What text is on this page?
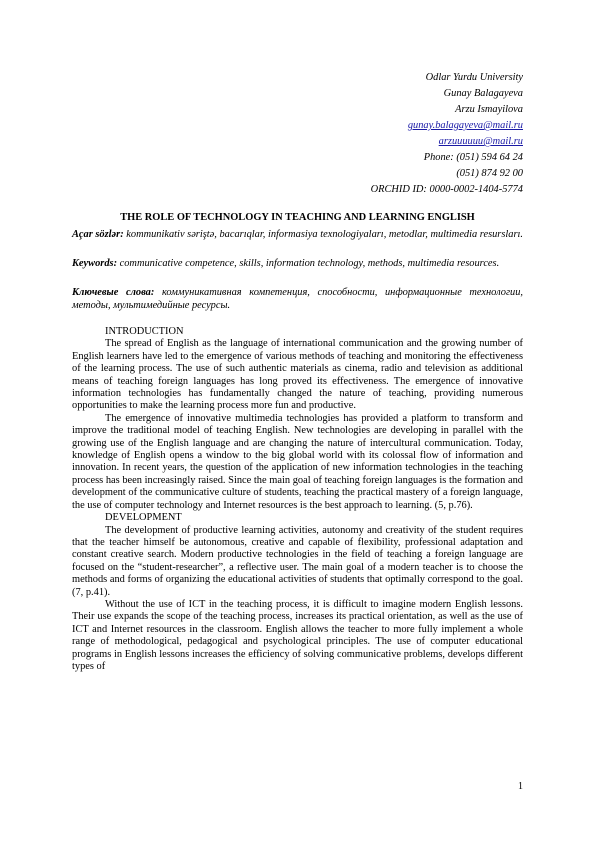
Odlar Yurdu University
Gunay Balagayeva
Arzu Ismayilova
gunay.balagayeva@mail.ru
arzuuuuuu@mail.ru
Phone: (051) 594 64 24
(051) 874 92 00
ORCHID ID: 0000-0002-1404-5774
THE ROLE OF TECHNOLOGY IN TEACHING AND LEARNING ENGLISH
Açar sözlər: kommunikativ səriştə, bacarıqlar, informasiya texnologiyaları, metodlar, multimedia resursları.
Keywords: communicative competence, skills, information technology, methods, multimedia resources.
Ключевые слова: коммуникативная компетенция, способности, информационные технологии, методы, мультимедийные ресурсы.

INTRODUCTION

The spread of English as the language of international communication and the growing number of English learners have led to the emergence of various methods of teaching and monitoring the effectiveness of the learning process. The use of such authentic materials as cinema, radio and television as additional means of teaching foreign languages has long proved its effectiveness. The emergence of innovative information technologies has fundamentally changed the nature of teaching, providing numerous opportunities to make the learning process more fun and productive.

The emergence of innovative multimedia technologies has provided a platform to transform and improve the traditional model of teaching English. New technologies are developing in parallel with the growing use of the English language and are changing the nature of intercultural communication. Today, knowledge of English opens a window to the big global world with its colossal flow of information and innovation. In recent years, the question of the application of new information technologies in the teaching process has been increasingly raised. Since the main goal of teaching foreign languages is the formation and development of the communicative culture of students, teaching the practical mastery of a foreign language, the use of computer technology and Internet resources is the best approach to learning. (5, p.76).

DEVELOPMENT

The development of productive learning activities, autonomy and creativity of the student requires that the teacher himself be autonomous, creative and capable of flexibility, professional adaptation and constant creative search. Modern productive technologies in the field of teaching a foreign language are focused on the “student-researcher”, a reflective user. The main goal of a modern teacher is to choose the methods and forms of organizing the educational activities of students that optimally correspond to the goal. (7, p.41).

Without the use of ICT in the teaching process, it is difficult to imagine modern English lessons. Their use expands the scope of the teaching process, increases its practical orientation, as well as the use of ICT and Internet resources in the classroom. English allows the teacher to more fully implement a whole range of methodological, pedagogical and psychological principles. The use of computer educational programs in English lessons increases the efficiency of solving communicative problems, develops different types of

1
